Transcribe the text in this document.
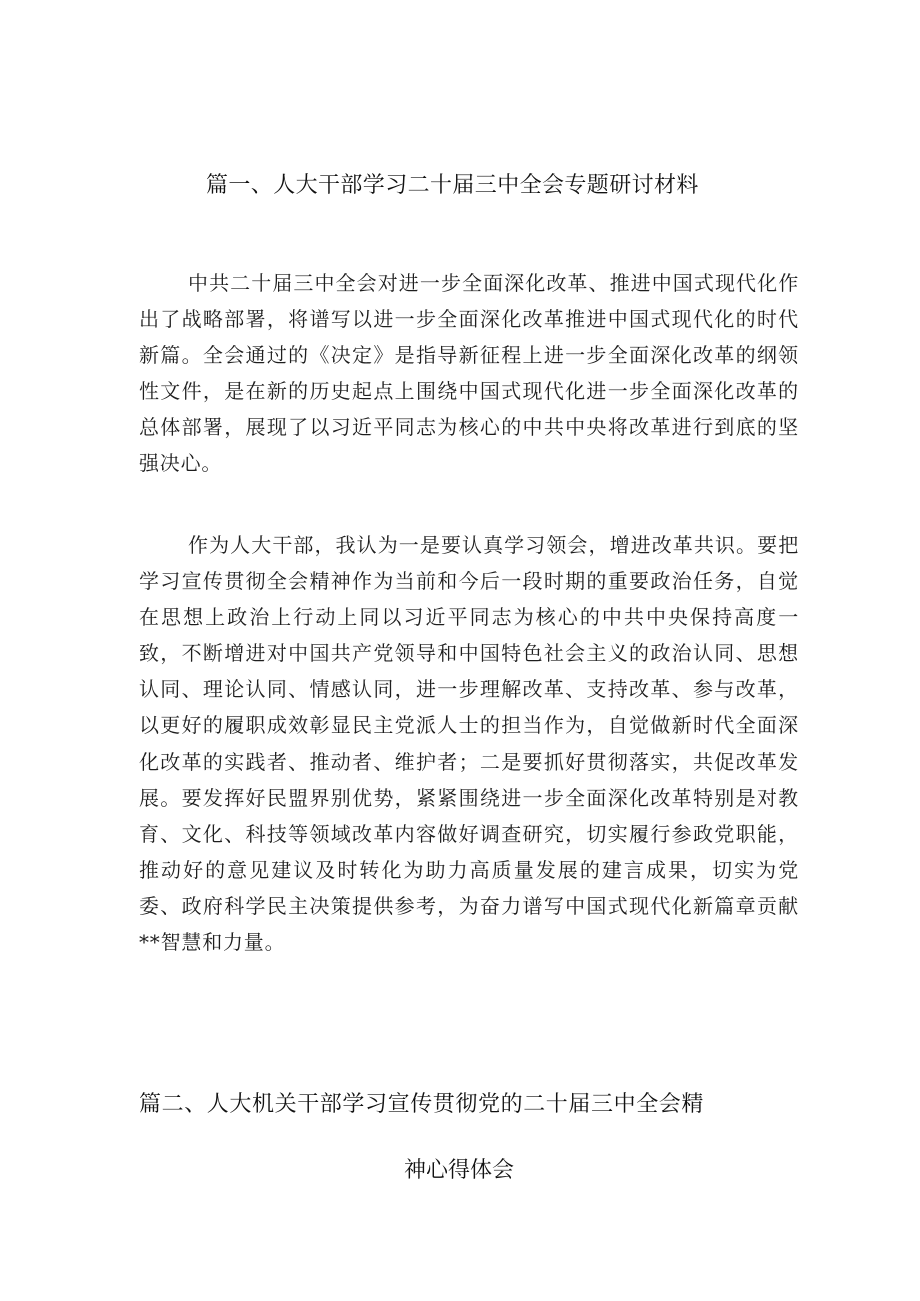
篇一、人大干部学习二十届三中全会专题研讨材料

中共二十届三中全会对进一步全面深化改革、推进中国式现代化作出了战略部署，将谱写以进一步全面深化改革推进中国式现代化的时代新篇。全会通过的《决定》是指导新征程上进一步全面深化改革的纲领性文件，是在新的历史起点上围绕中国式现代化进一步全面深化改革的总体部署，展现了以习近平同志为核心的中共中央将改革进行到底的坚强决心。

作为人大干部，我认为一是要认真学习领会，增进改革共识。要把学习宣传贯彻全会精神作为当前和今后一段时期的重要政治任务，自觉在思想上政治上行动上同以习近平同志为核心的中共中央保持高度一致，不断增进对中国共产党领导和中国特色社会主义的政治认同、思想认同、理论认同、情感认同，进一步理解改革、支持改革、参与改革，以更好的履职成效彰显民主党派人士的担当作为，自觉做新时代全面深化改革的实践者、推动者、维护者；二是要抓好贯彻落实，共促改革发展。要发挥好民盟界别优势，紧紧围绕进一步全面深化改革特别是对教育、文化、科技等领域改革内容做好调查研究，切实履行参政党职能，推动好的意见建议及时转化为助力高质量发展的建言成果，切实为党委、政府科学民主决策提供参考，为奋力谱写中国式现代化新篇章贡献**智慧和力量。

篇二、人大机关干部学习宣传贯彻党的二十届三中全会精
神心得体会
